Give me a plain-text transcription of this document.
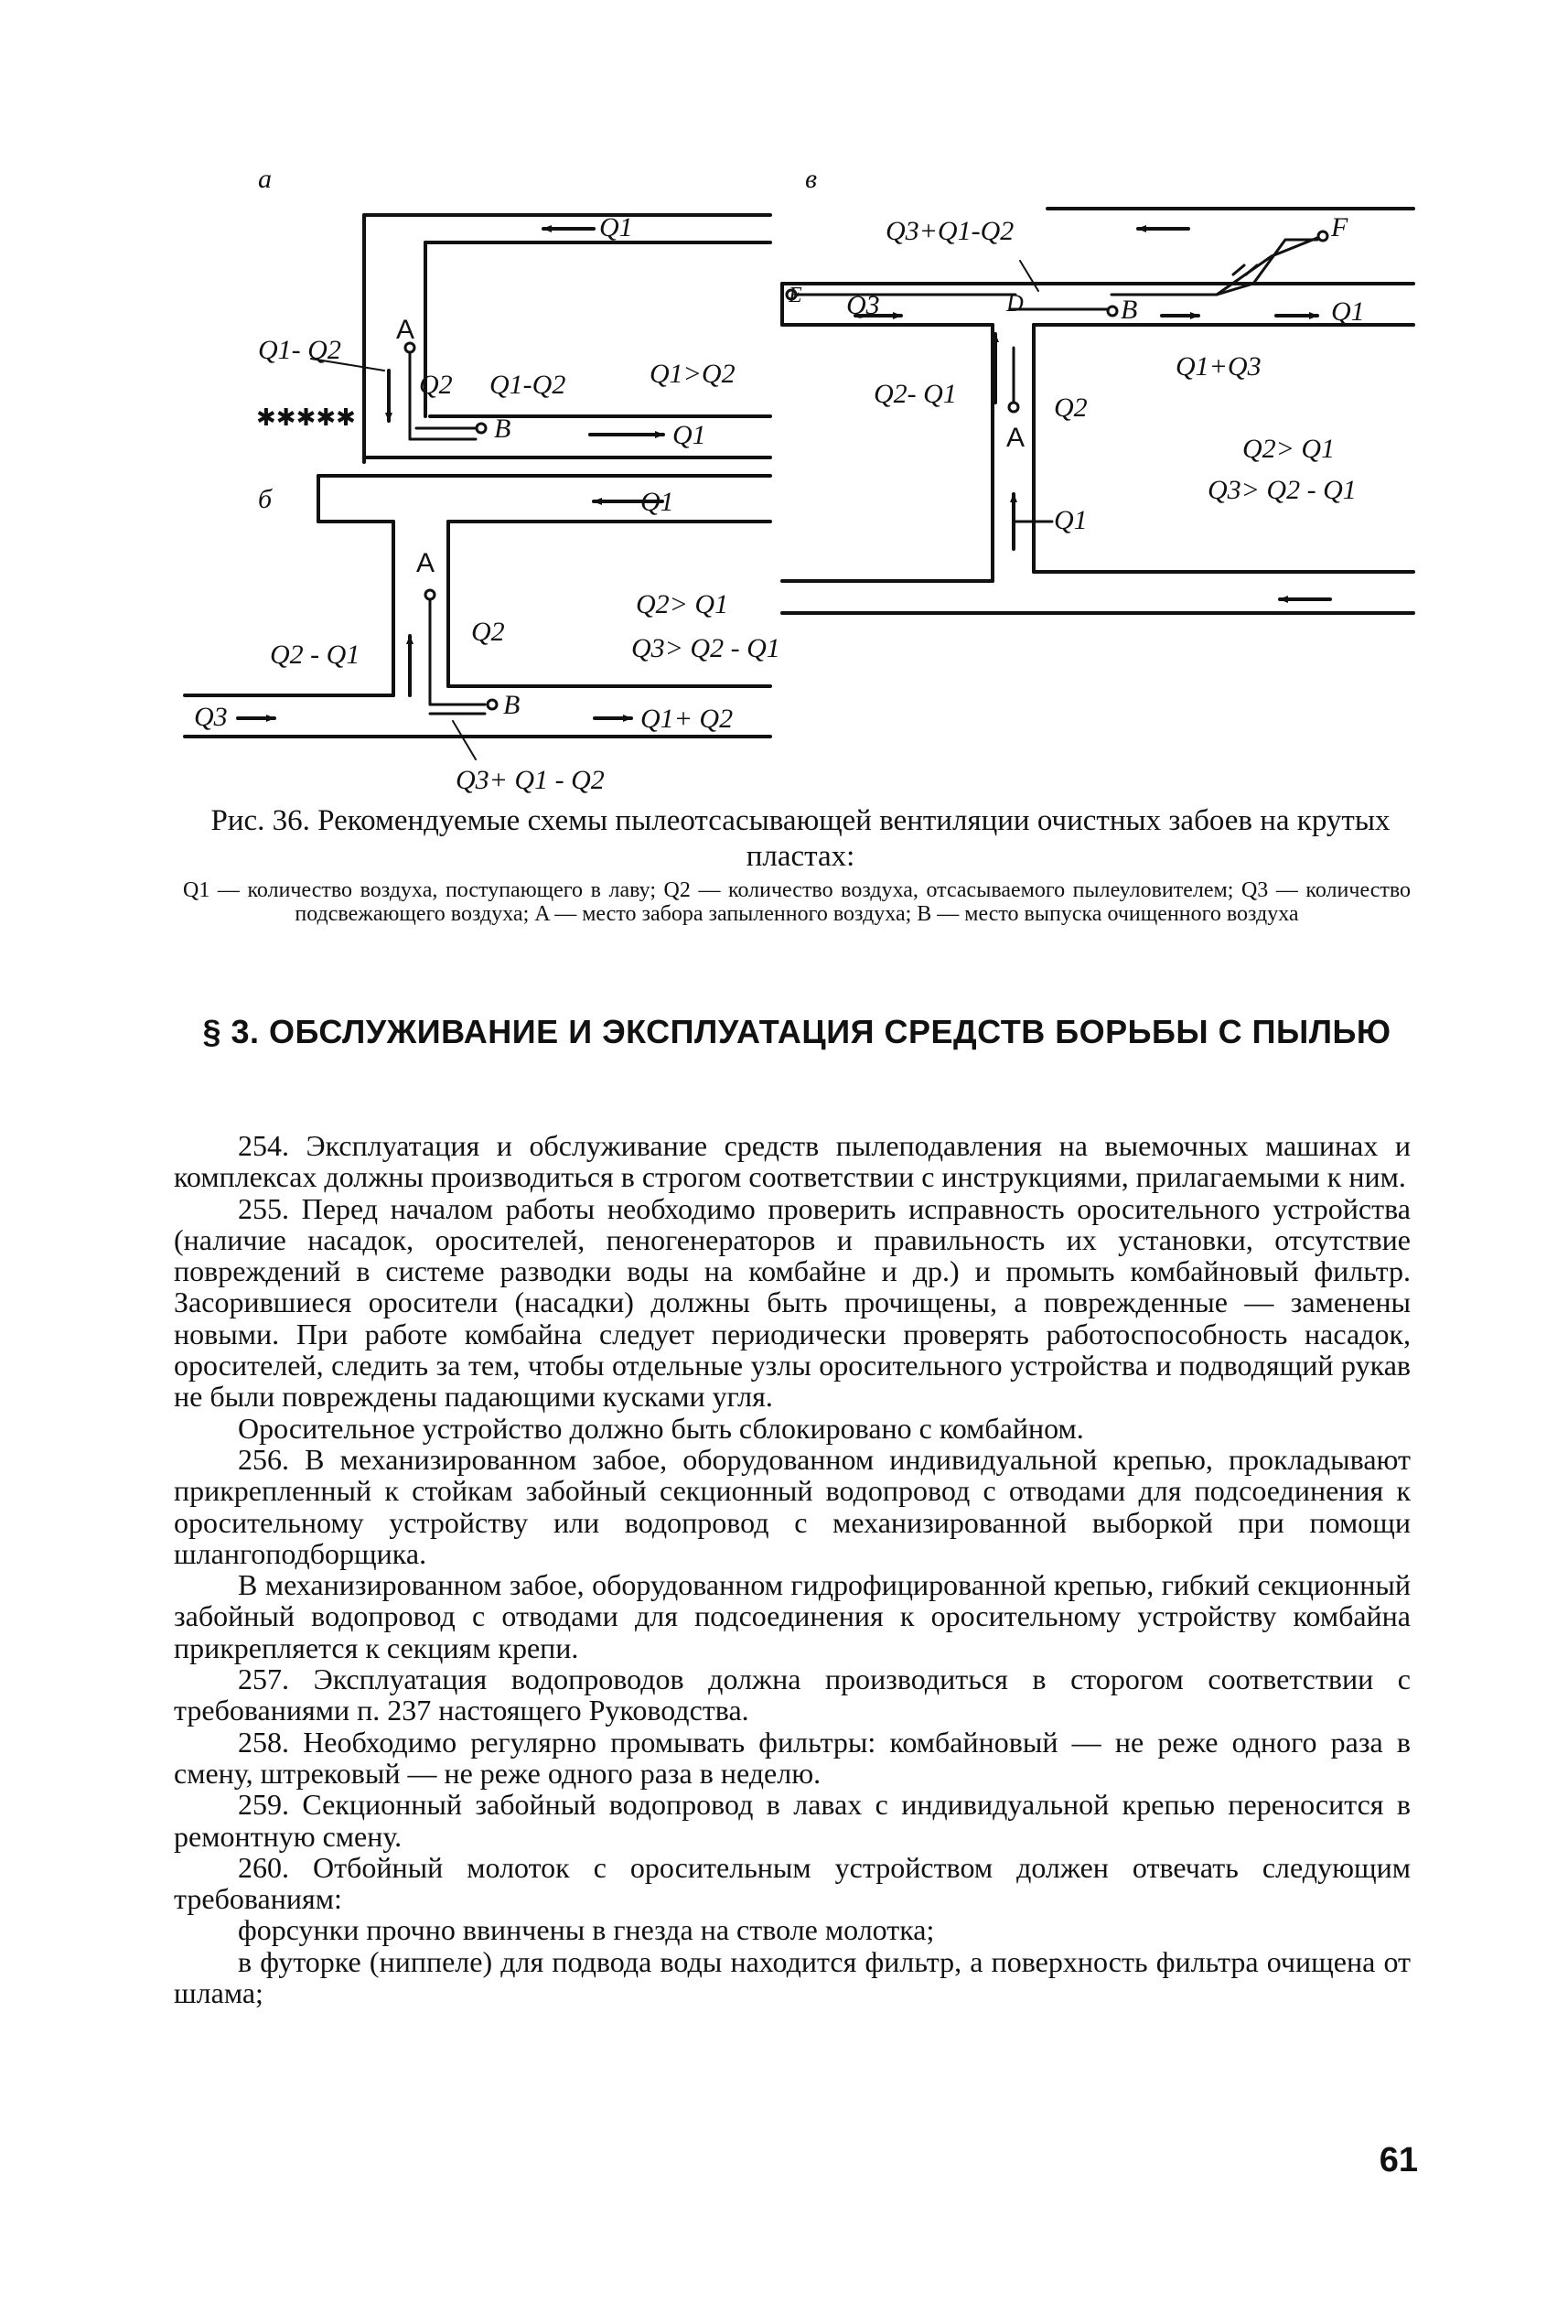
а
б
в
Q1
Q1- Q2
A
Q2 Q1-Q2	Q1>Q2
B	Q1
✱✱✱✱✱
Q1
A
Q2> Q1
Q3> Q2 - Q1
Q2
Q2 - Q1
Q3	B	Q1+ Q2
Q3+ Q1 - Q2
Q3+Q1-Q2	F
E Q3	D	B	Q1
Q1+Q3
Q2- Q1	Q2
A	Q2> Q1
Q3> Q2 - Q1
Q1
Рис. 36. Рекомендуемые схемы пылеотсасывающей вентиляции очистных забоев на крутых пластах:
Q1 — количество воздуха, поступающего в лаву; Q2 — количество воздуха, отсасываемого пылеуловителем; Q3 — количество подсвежающего воздуха; A — место забора запыленного воздуха; B — место выпуска очищенного воздуха
§ 3. ОБСЛУЖИВАНИЕ И ЭКСПЛУАТАЦИЯ СРЕДСТВ БОРЬБЫ С ПЫЛЬЮ

254. Эксплуатация и обслуживание средств пылеподавления на выемочных машинах и комплексах должны производиться в строгом соответствии с инструкциями, прилагаемыми к ним.

255. Перед началом работы необходимо проверить исправность оросительного устройства (наличие насадок, оросителей, пеногенераторов и правильность их установки, отсутствие повреждений в системе разводки воды на комбайне и др.) и промыть комбайновый фильтр. Засорившиеся оросители (насадки) должны быть прочищены, а поврежденные — заменены новыми. При работе комбайна следует периодически проверять работоспособность насадок, оросителей, следить за тем, чтобы отдельные узлы оросительного устройства и подводящий рукав не были повреждены падающими кусками угля.

Оросительное устройство должно быть сблокировано с комбайном.

256. В механизированном забое, оборудованном индивидуальной крепью, прокладывают прикрепленный к стойкам забойный секционный водопровод с отводами для подсоединения к оросительному устройству или водопровод с механизированной выборкой при помощи шлангоподборщика.

В механизированном забое, оборудованном гидрофицированной крепью, гибкий секционный забойный водопровод с отводами для подсоединения к оросительному устройству комбайна прикрепляется к секциям крепи.

257. Эксплуатация водопроводов должна производиться в сторогом соответствии с требованиями п. 237 настоящего Руководства.

258. Необходимо регулярно промывать фильтры: комбайновый — не реже одного раза в смену, штрековый — не реже одного раза в неделю.

259. Секционный забойный водопровод в лавах с индивидуальной крепью переносится в ремонтную смену.

260. Отбойный молоток с оросительным устройством должен отвечать следующим требованиям:

форсунки прочно ввинчены в гнезда на стволе молотка;

в футорке (ниппеле) для подвода воды находится фильтр, а поверхность фильтра очищена от шлама;

61
